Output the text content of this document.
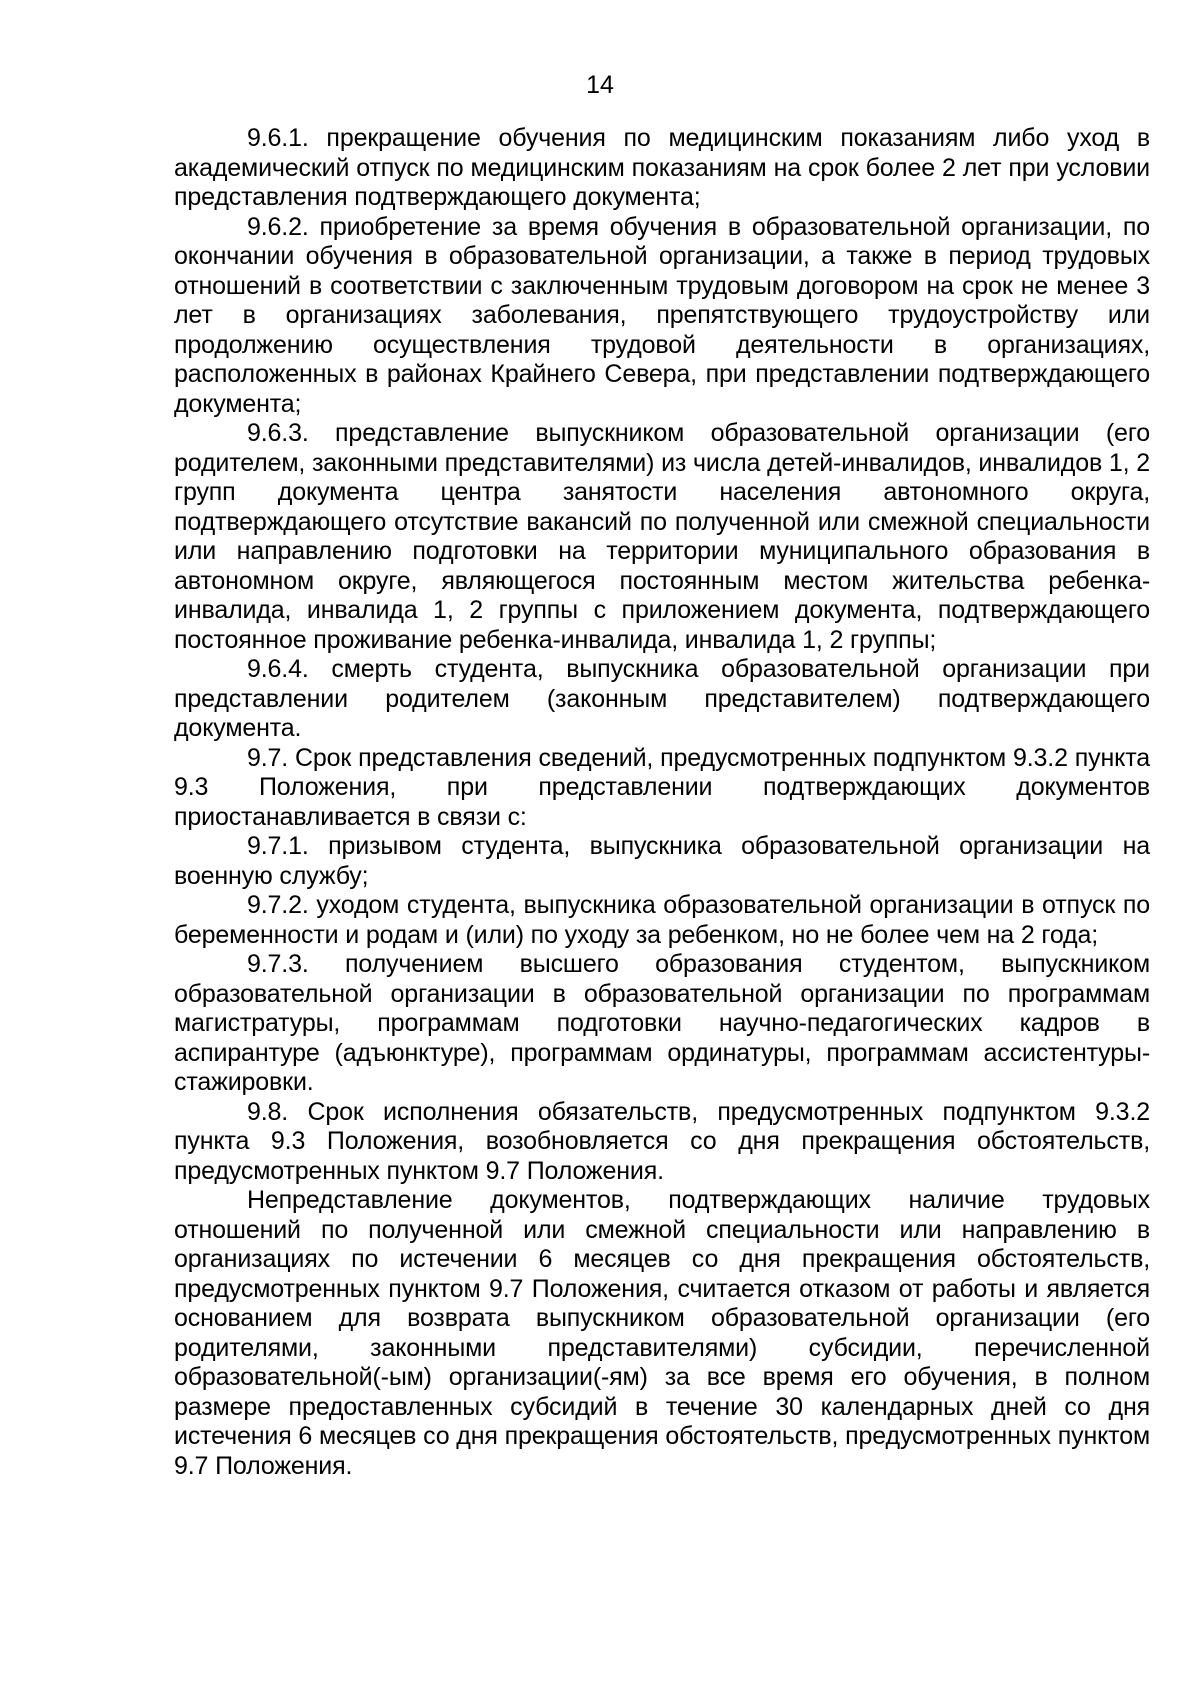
14

9.6.1. прекращение обучения по медицинским показаниям либо уход в академический отпуск по медицинским показаниям на срок более 2 лет при условии представления подтверждающего документа;

9.6.2. приобретение за время обучения в образовательной организации, по окончании обучения в образовательной организации, а также в период трудовых отношений в соответствии с заключенным трудовым договором на срок не менее 3 лет в организациях заболевания, препятствующего трудоустройству или продолжению осуществления трудовой деятельности в организациях, расположенных в районах Крайнего Севера, при представлении подтверждающего документа;

9.6.3. представление выпускником образовательной организации (его родителем, законными представителями) из числа детей-инвалидов, инвалидов 1, 2 групп документа центра занятости населения автономного округа, подтверждающего отсутствие вакансий по полученной или смежной специальности или направлению подготовки на территории муниципального образования в автономном округе, являющегося постоянным местом жительства ребенка-инвалида, инвалида 1, 2 группы с приложением документа, подтверждающего постоянное проживание ребенка-инвалида, инвалида 1, 2 группы;

9.6.4. смерть студента, выпускника образовательной организации при представлении родителем (законным представителем) подтверждающего документа.

9.7. Срок представления сведений, предусмотренных подпунктом 9.3.2 пункта 9.3 Положения, при представлении подтверждающих документов приостанавливается в связи с:

9.7.1. призывом студента, выпускника образовательной организации на военную службу;

9.7.2. уходом студента, выпускника образовательной организации в отпуск по беременности и родам и (или) по уходу за ребенком, но не более чем на 2 года;

9.7.3. получением высшего образования студентом, выпускником образовательной организации в образовательной организации по программам магистратуры, программам подготовки научно-педагогических кадров в аспирантуре (адъюнктуре), программам ординатуры, программам ассистентуры-стажировки.

9.8. Срок исполнения обязательств, предусмотренных подпунктом 9.3.2 пункта 9.3 Положения, возобновляется со дня прекращения обстоятельств, предусмотренных пунктом 9.7 Положения.

Непредставление документов, подтверждающих наличие трудовых отношений по полученной или смежной специальности или направлению в организациях по истечении 6 месяцев со дня прекращения обстоятельств, предусмотренных пунктом 9.7 Положения, считается отказом от работы и является основанием для возврата выпускником образовательной организации (его родителями, законными представителями) субсидии, перечисленной образовательной(-ым) организации(-ям) за все время его обучения, в полном размере предоставленных субсидий в течение 30 календарных дней со дня истечения 6 месяцев со дня прекращения обстоятельств, предусмотренных пунктом 9.7 Положения.
